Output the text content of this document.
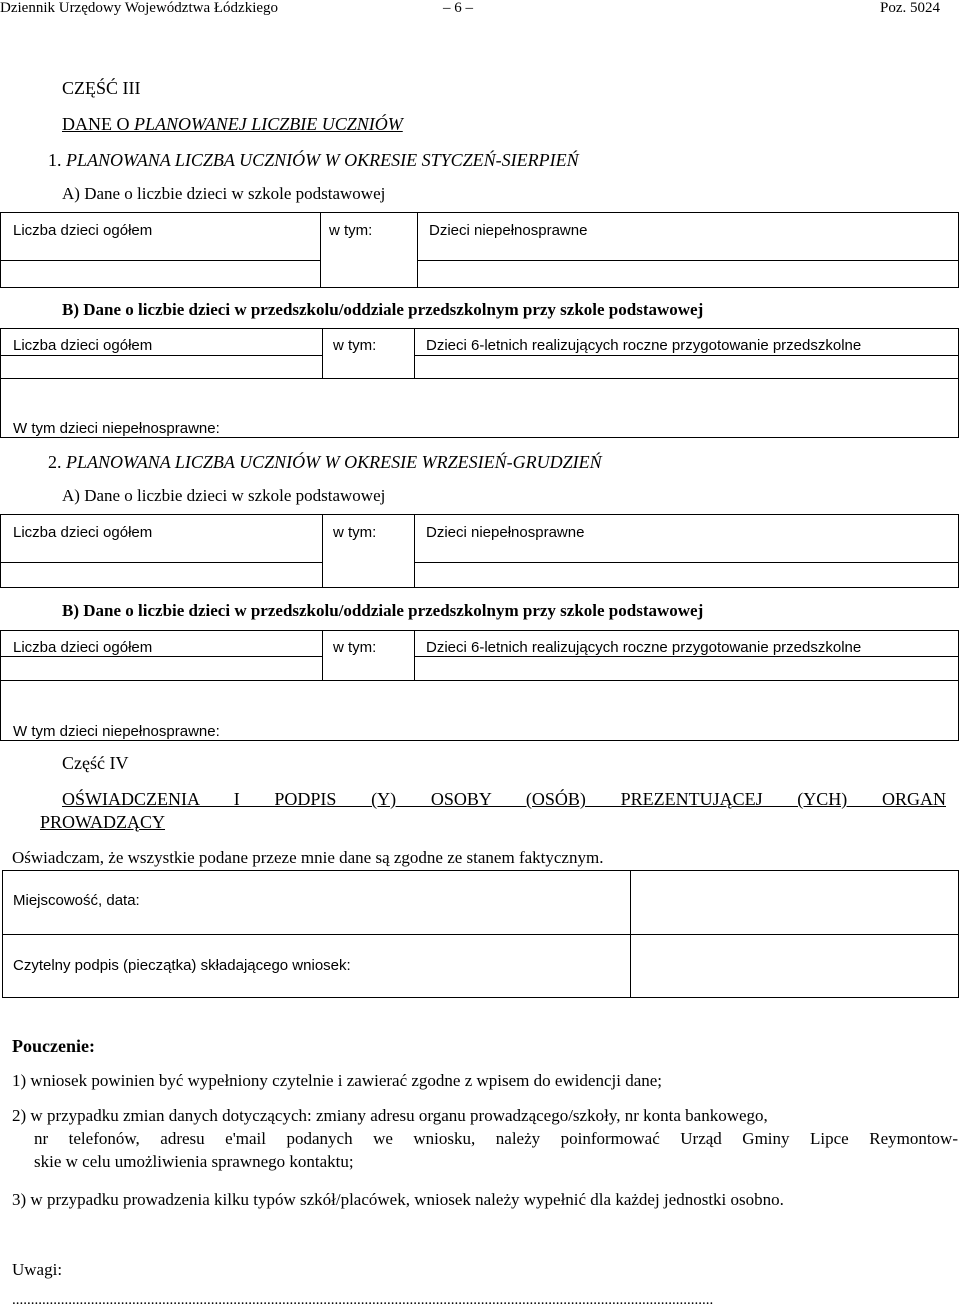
Dziennik Urzędowy Województwa Łódzkiego	– 6 –	Poz. 5024
CZĘŚĆ III
DANE O PLANOWANEJ LICZBIE UCZNIÓW
1. PLANOWANA LICZBA UCZNIÓW W OKRESIE STYCZEŃ-SIERPIEŃ
A) Dane o liczbie dzieci w szkole podstawowej
Liczba dzieci ogółem	w tym:	Dzieci niepełnosprawne
B) Dane o liczbie dzieci w przedszkolu/oddziale przedszkolnym przy szkole podstawowej
Liczba dzieci ogółem	w tym:	Dzieci 6-letnich realizujących roczne przygotowanie przedszkolne
W tym dzieci niepełnosprawne:
2. PLANOWANA LICZBA UCZNIÓW W OKRESIE WRZESIEŃ-GRUDZIEŃ
A) Dane o liczbie dzieci w szkole podstawowej
Liczba dzieci ogółem	w tym:	Dzieci niepełnosprawne
B) Dane o liczbie dzieci w przedszkolu/oddziale przedszkolnym przy szkole podstawowej
Liczba dzieci ogółem	w tym:	Dzieci 6-letnich realizujących roczne przygotowanie przedszkolne
W tym dzieci niepełnosprawne:
Część IV
OŚWIADCZENIA I PODPIS (Y) OSOBY (OSÓB) PREZENTUJĄCEJ (YCH) ORGAN
PROWADZĄCY
Oświadczam, że wszystkie podane przeze mnie dane są zgodne ze stanem faktycznym.
Miejscowość, data:
Czytelny podpis (pieczątka) składającego wniosek:
Pouczenie:
1) wniosek powinien być wypełniony czytelnie i zawierać zgodne z wpisem do ewidencji dane;
2) w przypadku zmian danych dotyczących: zmiany adresu organu prowadzącego/szkoły, nr konta bankowego,
nr telefonów, adresu e'mail podanych we wniosku, należy poinformować Urząd Gminy Lipce Reymontow-
skie w celu umożliwienia sprawnego kontaktu;
3) w przypadku prowadzenia kilku typów szkół/placówek, wniosek należy wypełnić dla każdej jednostki osobno.
Uwagi:
...........................................................................................................................................................................................
